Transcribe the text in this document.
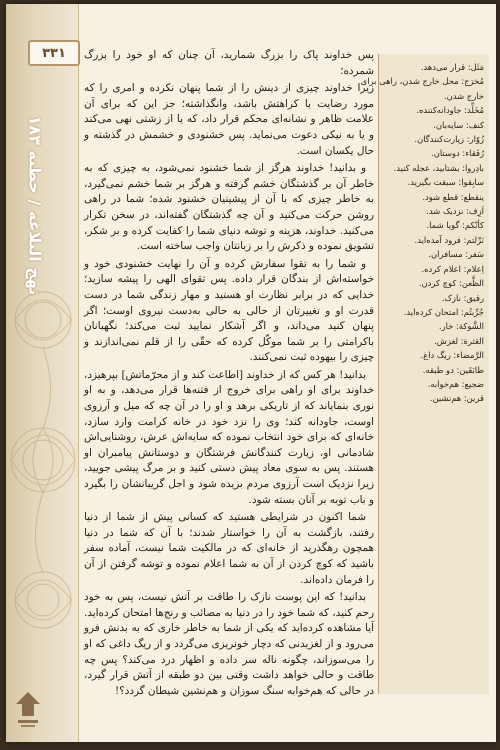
۳۳۱
نهج البلاغه / خطبه ۱۸۳

پس خداوند پاک را بزرگ شمارید، آن چنان که او خود را بزرگ شمرده؛

زیرا خداوند چیزی از دینش را از شما پنهان نکرده و امری را که مورد رضایت یا کراهتش باشد، وانگذاشته؛ جز این که برای آن علامت ظاهر و نشانه‌ای محکم قرار داد، که یا از زشتی نهی می‌کند و یا به نیکی دعوت می‌نماید. پس خشنودی و خشمش در گذشته و حال یکسان است.

و بدانید! خداوند هرگز از شما خشنود نمی‌شود، به چیزی که به خاطر آن بر گذشتگان خشم گرفته و هرگز بر شما خشم نمی‌گیرد، به خاطر چیزی که با آن از پیشینیان خشنود شده؛ شما در راهی روشن حرکت می‌کنید و آن چه گذشتگان گفته‌اند، در سخن تکرار می‌کنید. خداوند، هزینه و توشه دنیای شما را کفایت کرده و بر شکر، تشویق نموده و ذکرش را بر زبانتان واجب ساخته است.

و شما را به تقوا سفارش کرده و آن را نهایت خشنودی خود و خواسته‌اش از بندگان قرار داده. پس تقوای الهی را پیشه سازید؛ خدایی که در برابر نظارت او هستید و مهار زندگی شما در دست قدرت او و تغییرتان از حالی به حالی به‌دست نیروی اوست؛ اگر پنهان کنید می‌داند، و اگر آشکار نمایید ثبت می‌کند؛ نگهبانان باکرامتی را بر شما موکّل کرده که حقّی را از قلم نمی‌اندازند و چیزی را بیهوده ثبت نمی‌کنند.

بدانید! هر کس که از خداوند [اطاعت کند و از محرّماتش] بپرهیزد، خداوند برای او راهی برای خروج از فتنه‌ها قرار می‌دهد، و به او نوری بنمایاند که از تاریکی برهد و او را در آن چه که میل و آرزوی اوست، جاودانه کند؛ وی را نزد خود در خانه کرامت وارد سازد، خانه‌ای که برای خود انتخاب نموده که سایه‌اش عرش، روشنایی‌اش شادمانی او، زیارت کنندگانش فرشتگان و دوستانش پیامبران او هستند. پس به سوی معاد پیش دستی کنید و بر مرگ پیشی جویید، زیرا نزدیک است آرزوی مردم بریده شود و اجل گریبانشان را بگیرد و باب توبه بر آنان بسته شود.

شما اکنون در شرایطی هستید که کسانی پیش از شما از دنیا رفتند، بازگشت به آن را خواستار شدند؛ با آن که شما در دنیا همچون رهگذرید از خانه‌ای که در مالکیت شما نیست، آماده سفر باشید که کوچ کردن از آن به شما اعلام نموده و توشه گرفتن از آن را فرمان داده‌اند.

بدانید! که این پوست نازک را طاقت بر آتش نیست، پس به خود رحم کنید، که شما خود را در دنیا به مصائب و رنج‌ها امتحان کرده‌اید. آیا مشاهده کرده‌اید که یکی از شما به خاطر خاری که به بدنش فرو می‌رود و از لغزیدنی که دچار خونریزی می‌گردد و از ریگ داغی که او را می‌سوزاند، چگونه ناله سر داده و اظهار درد می‌کند؟ پس چه طاقت و حالی خواهد داشت وقتی بین دو طبقه از آتش قرار گیرد، در حالی که هم‌خوابه سنگ سوزان و هم‌نشین شیطان گردد؟!

مَثَل: قرار می‌دهد.
مُخرَج: محل خارج شدن، راهی برای
خارج شدن.
مُخَلِّد: جاودانه‌کننده.
کنف: سایه‌بان.
زُوّار: زیارت‌کنندگان.
رُفَقاء: دوستان.
بادِروا: بشتابید، عجله کنید.
سابِقوا: سبقت بگیرید.
ینقطع: قطع شود.
اَزِف: نزدیک شد.
کأنّکم: گویا شما.
نَزّلتم: فرود آمده‌اید.
سَفر: مسافران.
اِعلام: اعلام کرده.
الظَّعن: کوچ کردن.
رقیق: نازک.
جُرِّبتُم: امتحان کرده‌اید.
الشَّوکة: خار.
العَثرة: لغزش.
الرَّمضاء: ریگ داغ.
طابَقَین: دو طبقه.
ضجیع: هم‌خوابه.
قرین: هم‌نشین.
